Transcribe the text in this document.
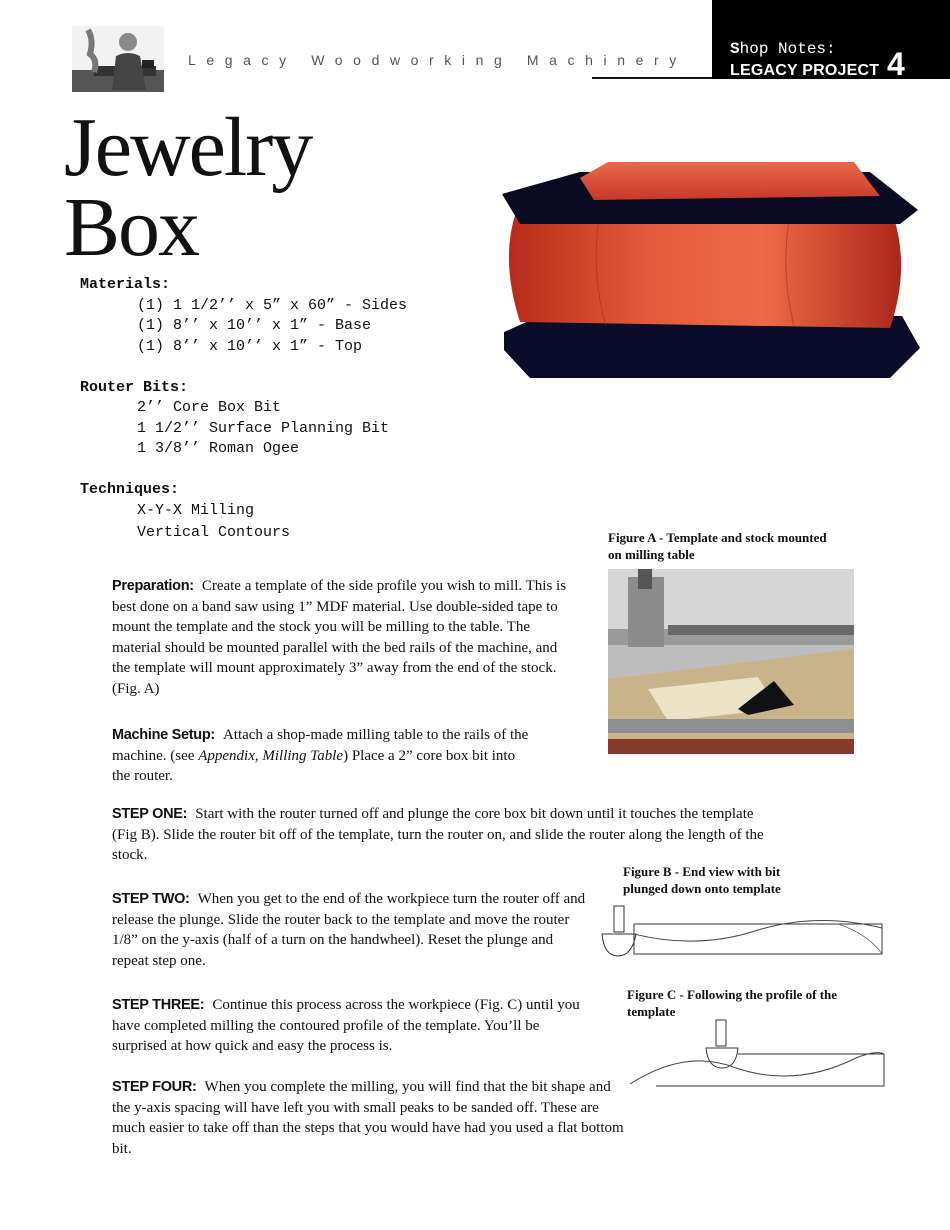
Legacy Woodworking Machinery
Shop Notes:
LEGACY PROJECT 4
Jewelry
Box
Materials:
(1) 1 1/2’’ x 5” x 60” - Sides
(1) 8’’ x 10’’ x 1” - Base
(1) 8’’ x 10’’ x 1” - Top
Router Bits:
2’’ Core Box Bit
1 1/2’’ Surface Planning Bit
1 3/8’’ Roman Ogee
Techniques:
X-Y-X Milling
Vertical Contours	Figure A - Template and stock mounted on milling table
Preparation: Create a template of the side profile you wish to mill. This is best done on a band saw using 1” MDF material. Use double-sided tape to mount the template and the stock you will be milling to the table. The material should be mounted parallel with the bed rails of the machine, and the template will mount approximately 3” away from the end of the stock. (Fig. A)
Machine Setup: Attach a shop-made milling table to the rails of the machine. (see Appendix, Milling Table) Place a 2” core box bit into the router.
STEP ONE: Start with the router turned off and plunge the core box bit down until it touches the template (Fig B). Slide the router bit off of the template, turn the router on, and slide the router along the length of the stock.
Figure B - End view with bit plunged down onto template
STEP TWO: When you get to the end of the workpiece turn the router off and release the plunge. Slide the router back to the template and move the router 1/8” on the y-axis (half of a turn on the handwheel). Reset the plunge and repeat step one.
Figure C - Following the profile of the template
STEP THREE: Continue this process across the workpiece (Fig. C) until you have completed milling the contoured profile of the template. You’ll be surprised at how quick and easy the process is.
STEP FOUR: When you complete the milling, you will find that the bit shape and the y-axis spacing will have left you with small peaks to be sanded off. These are much easier to take off than the steps that you would have had you used a flat bottom bit.
